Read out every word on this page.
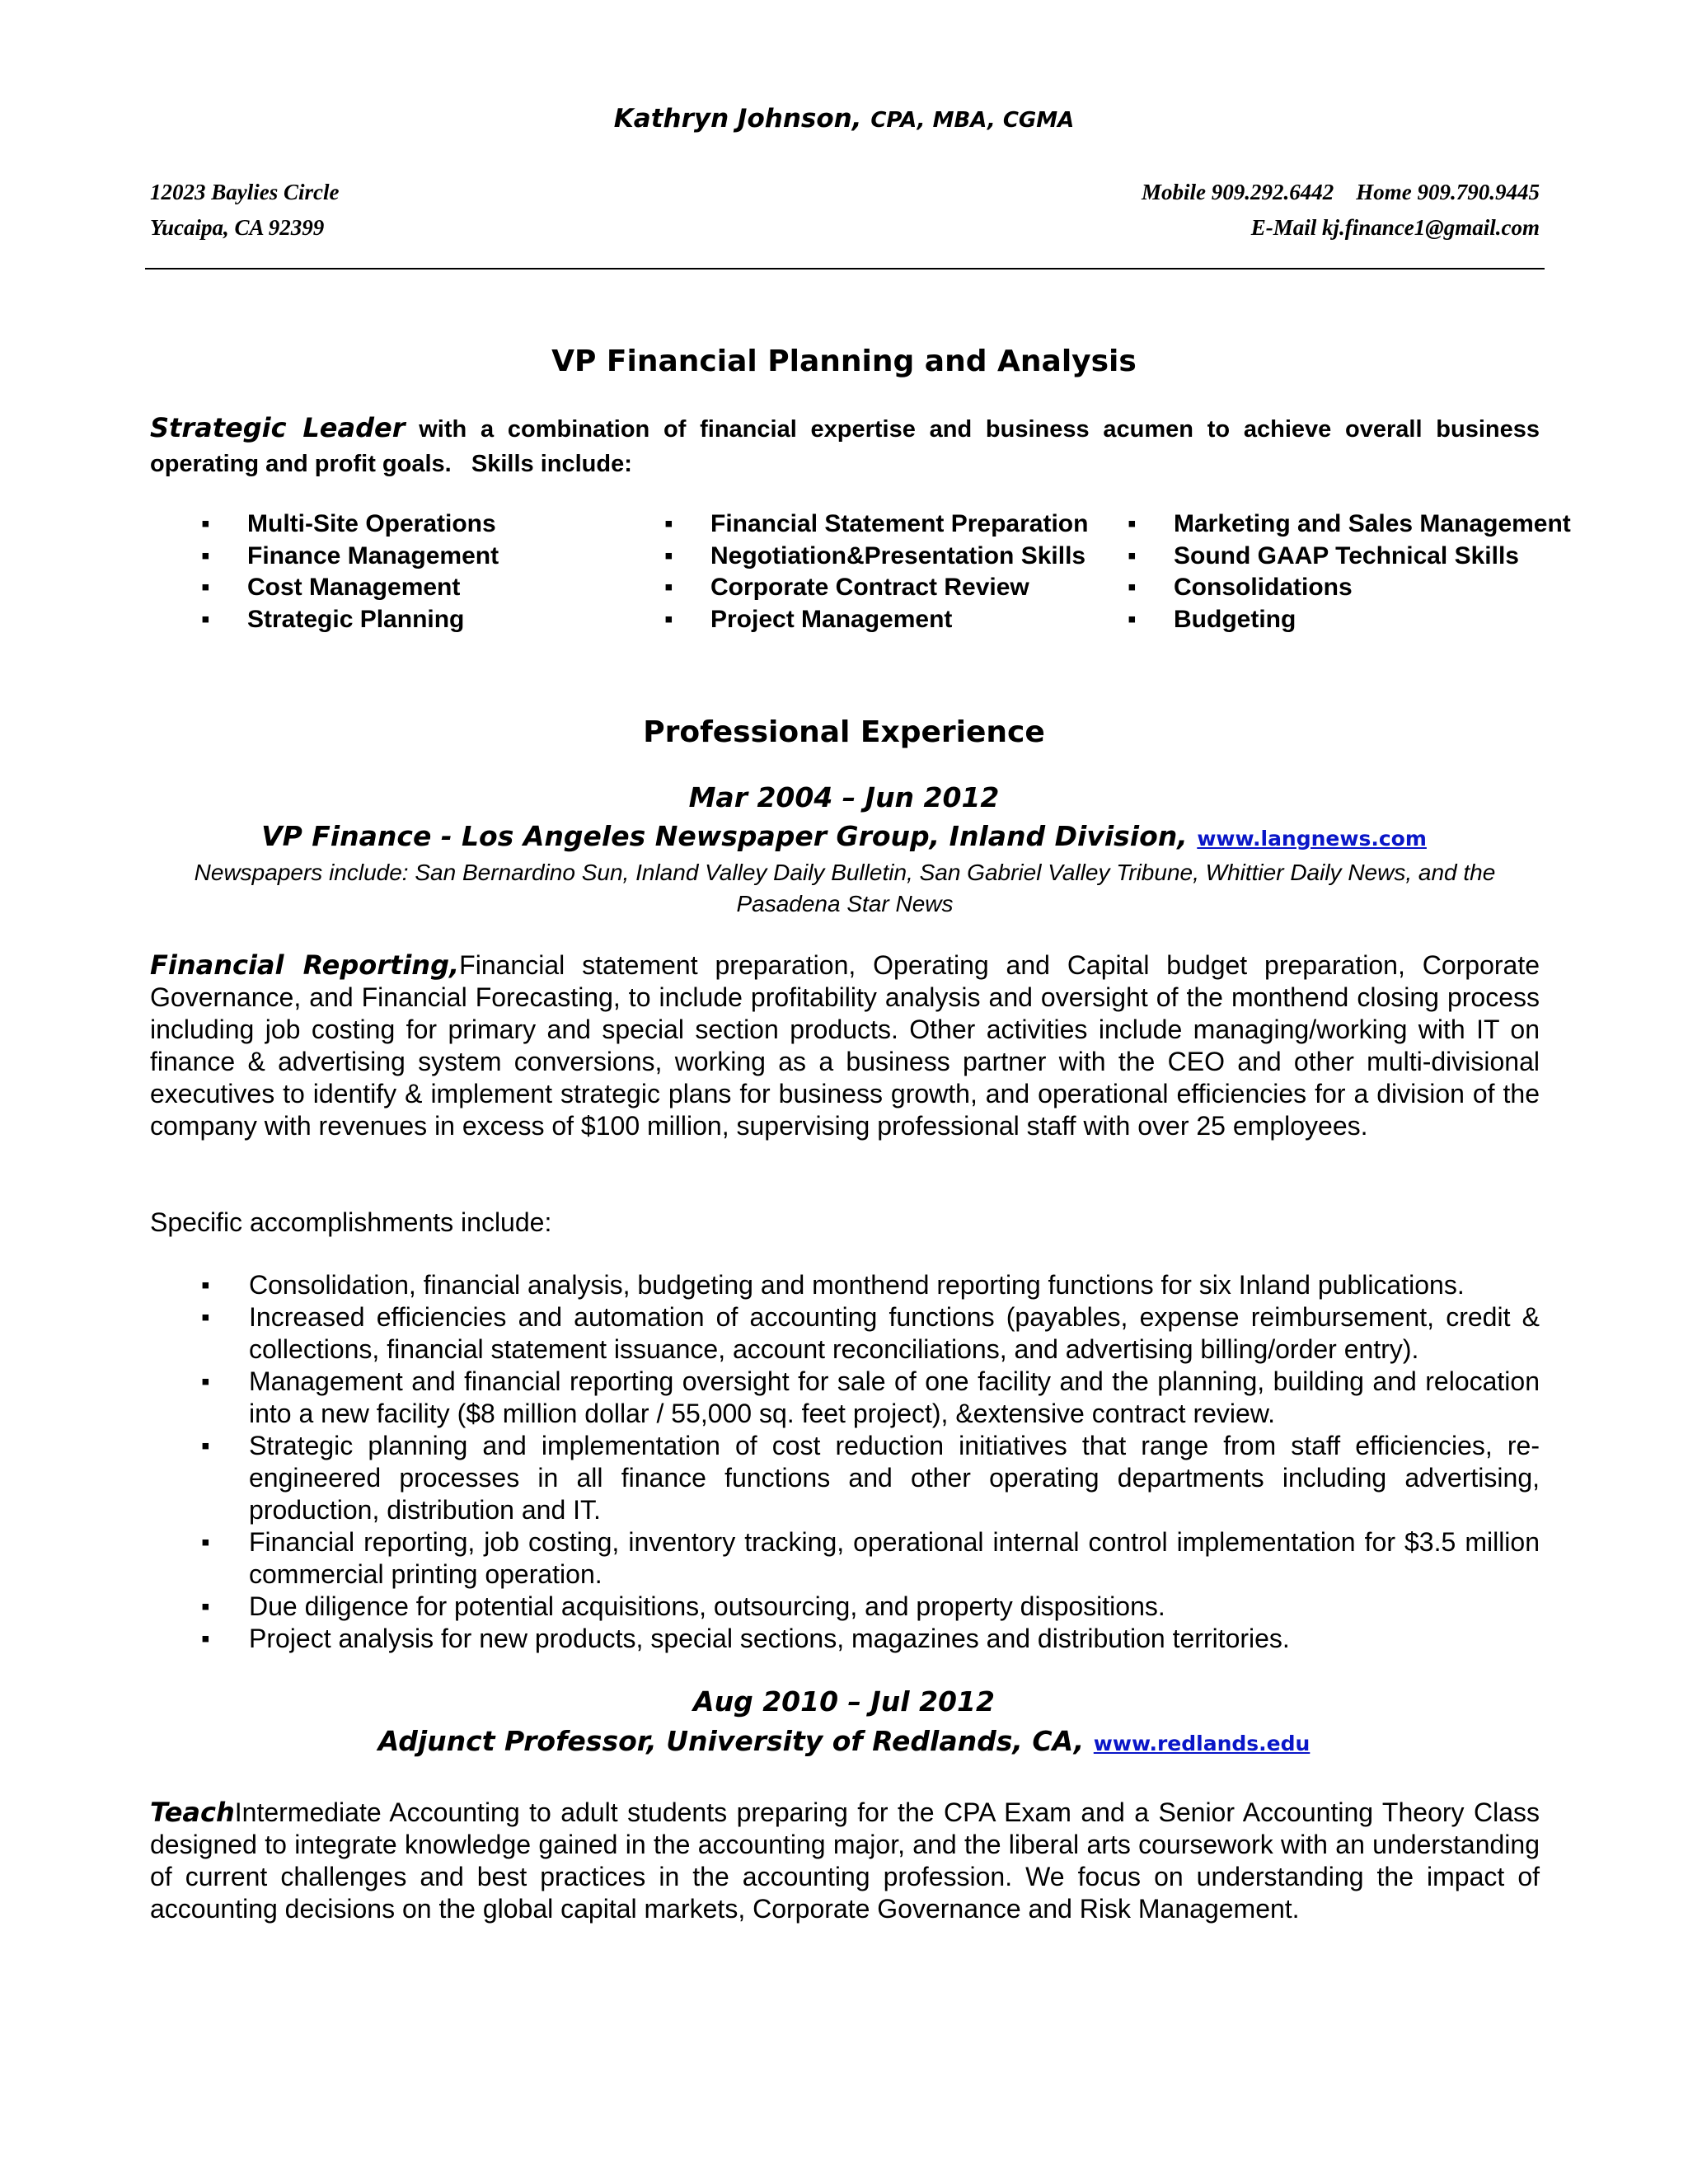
Kathryn Johnson, CPA, MBA, CGMA
12023 Baylies Circle
Yucaipa, CA 92399
Mobile 909.292.6442    Home 909.790.9445
E-Mail kj.finance1@gmail.com
VP Financial Planning and Analysis
Strategic Leader with a combination of financial expertise and business acumen to achieve overall business operating and profit goals.   Skills include:
▪ Multi-Site Operations
▪ Finance Management
▪ Cost Management
▪ Strategic Planning
▪ Financial Statement Preparation
▪ Negotiation&Presentation Skills
▪ Corporate Contract Review
▪ Project Management
▪ Marketing and Sales Management
▪ Sound GAAP Technical Skills
▪ Consolidations
▪ Budgeting
Professional Experience
Mar 2004 – Jun 2012
VP Finance - Los Angeles Newspaper Group, Inland Division, www.langnews.com
Newspapers include: San Bernardino Sun, Inland Valley Daily Bulletin, San Gabriel Valley Tribune, Whittier Daily News, and the Pasadena Star News
Financial Reporting,Financial statement preparation, Operating and Capital budget preparation, Corporate Governance, and Financial Forecasting, to include profitability analysis and oversight of the monthend closing process including job costing for primary and special section products. Other activities include managing/working with IT on finance & advertising system conversions, working as a business partner with the CEO and other multi-divisional executives to identify & implement strategic plans for business growth, and operational efficiencies for a division of the company with revenues in excess of $100 million, supervising professional staff with over 25 employees.
Specific accomplishments include:
▪ Consolidation, financial analysis, budgeting and monthend reporting functions for six Inland publications.
▪ Increased efficiencies and automation of accounting functions (payables, expense reimbursement, credit & collections, financial statement issuance, account reconciliations, and advertising billing/order entry).
▪ Management and financial reporting oversight for sale of one facility and the planning, building and relocation into a new facility ($8 million dollar / 55,000 sq. feet project), &extensive contract review.
▪ Strategic planning and implementation of cost reduction initiatives that range from staff efficiencies, re-engineered processes in all finance functions and other operating departments including advertising, production, distribution and IT.
▪ Financial reporting, job costing, inventory tracking, operational internal control implementation for $3.5 million commercial printing operation.
▪ Due diligence for potential acquisitions, outsourcing, and property dispositions.
▪ Project analysis for new products, special sections, magazines and distribution territories.
Aug 2010 – Jul 2012
Adjunct Professor, University of Redlands, CA, www.redlands.edu
TeachIntermediate Accounting to adult students preparing for the CPA Exam and a Senior Accounting Theory Class designed to integrate knowledge gained in the accounting major, and the liberal arts coursework with an understanding of current challenges and best practices in the accounting profession. We focus on understanding the impact of accounting decisions on the global capital markets, Corporate Governance and Risk Management.
